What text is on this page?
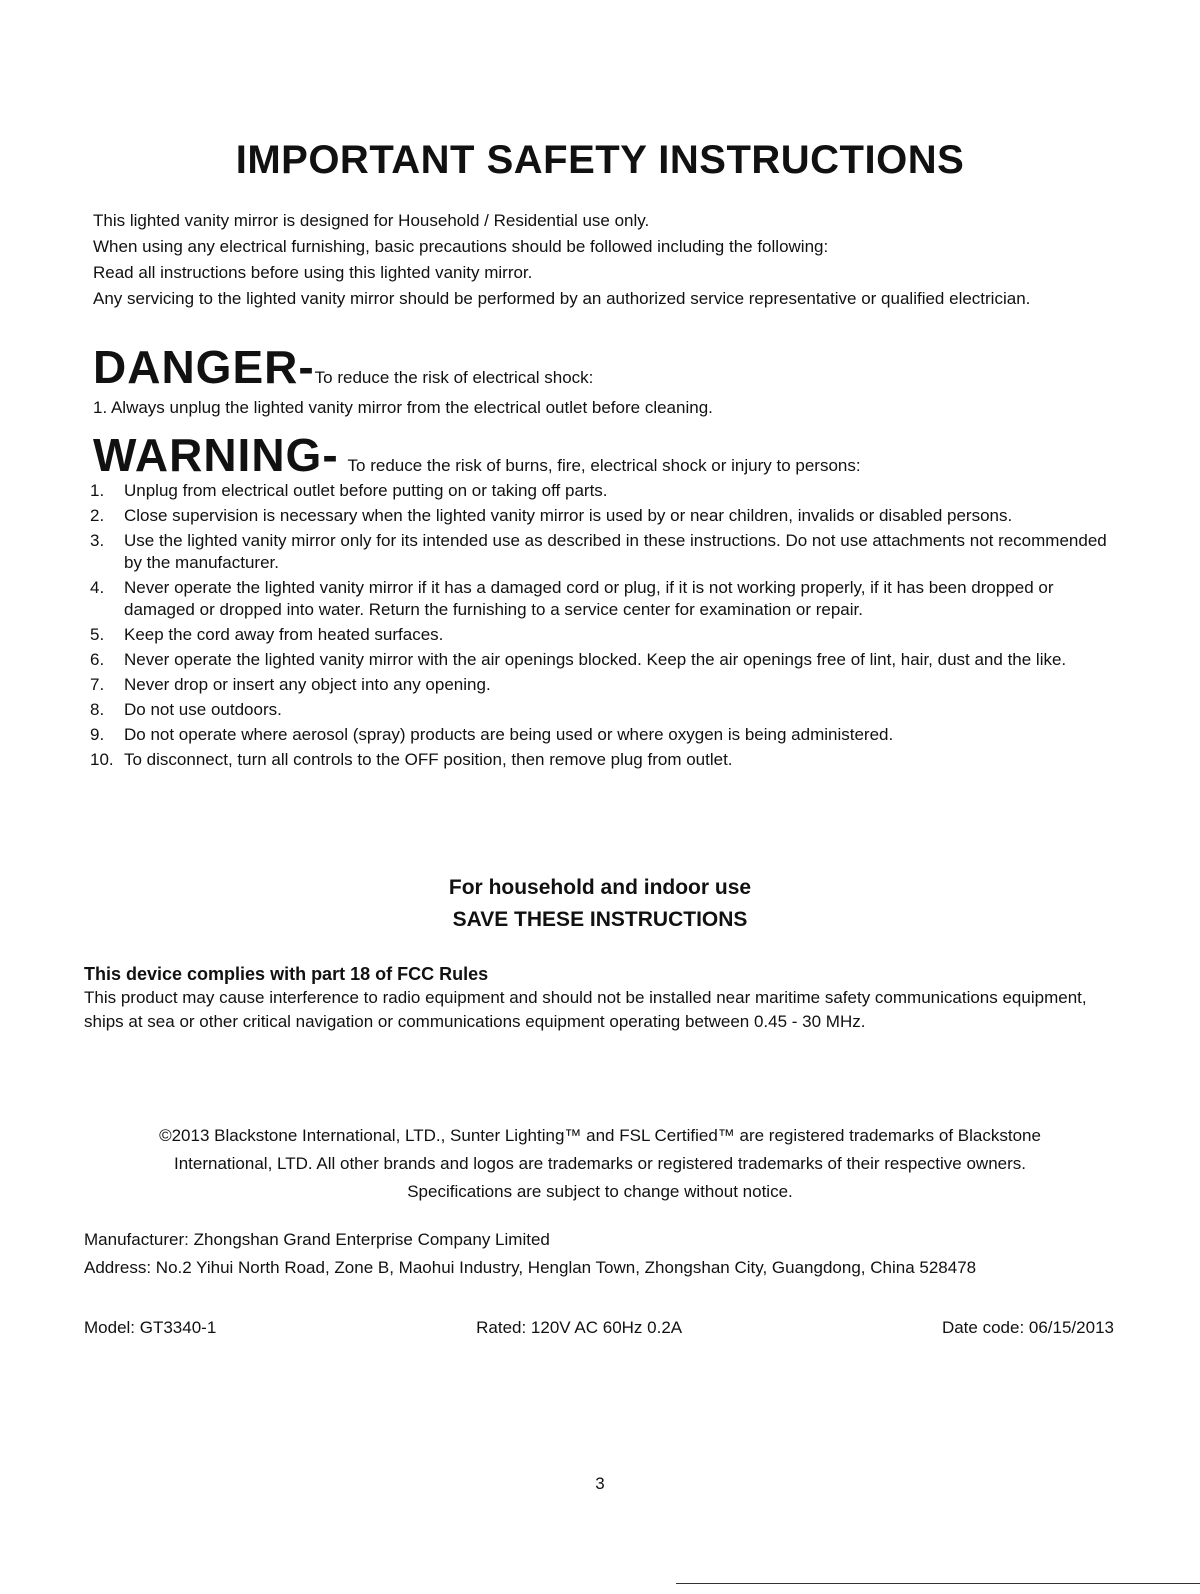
IMPORTANT SAFETY INSTRUCTIONS

This lighted vanity mirror is designed for Household / Residential use only.

When using any electrical furnishing, basic precautions should be followed including the following:

Read all instructions before using this lighted vanity mirror.

Any servicing to the lighted vanity mirror should be performed by an authorized service representative or qualified electrician.

DANGER-To reduce the risk of electrical shock:
1. Always unplug the lighted vanity mirror from the electrical outlet before cleaning.
WARNING- To reduce the risk of burns, fire, electrical shock or injury to persons:
1. Unplug from electrical outlet before putting on or taking off parts.
2. Close supervision is necessary when the lighted vanity mirror is used by or near children, invalids or disabled persons.
3. Use the lighted vanity mirror only for its intended use as described in these instructions. Do not use attachments not recommended by the manufacturer.
4. Never operate the lighted vanity mirror if it has a damaged cord or plug, if it is not working properly, if it has been dropped or damaged or dropped into water. Return the furnishing to a service center for examination or repair.
5. Keep the cord away from heated surfaces.
6. Never operate the lighted vanity mirror with the air openings blocked. Keep the air openings free of lint, hair, dust and the like.
7. Never drop or insert any object into any opening.
8. Do not use outdoors.
9. Do not operate where aerosol (spray) products are being used or where oxygen is being administered.
10. To disconnect, turn all controls to the OFF position, then remove plug from outlet.
For household and indoor use
SAVE THESE INSTRUCTIONS
This device complies with part 18 of FCC Rules
This product may cause interference to radio equipment and should not be installed near maritime safety communications equipment, ships at sea or other critical navigation or communications equipment operating between 0.45 - 30 MHz.
©2013 Blackstone International, LTD., Sunter Lighting™ and FSL Certified™ are registered trademarks of Blackstone
International, LTD. All other brands and logos are trademarks or registered trademarks of their respective owners.
Specifications are subject to change without notice.
Manufacturer: Zhongshan Grand Enterprise Company Limited
Address: No.2 Yihui North Road, Zone B, Maohui Industry, Henglan Town, Zhongshan City, Guangdong, China 528478
Model: GT3340-1	Rated: 120V AC 60Hz 0.2A	Date code: 06/15/2013
3
